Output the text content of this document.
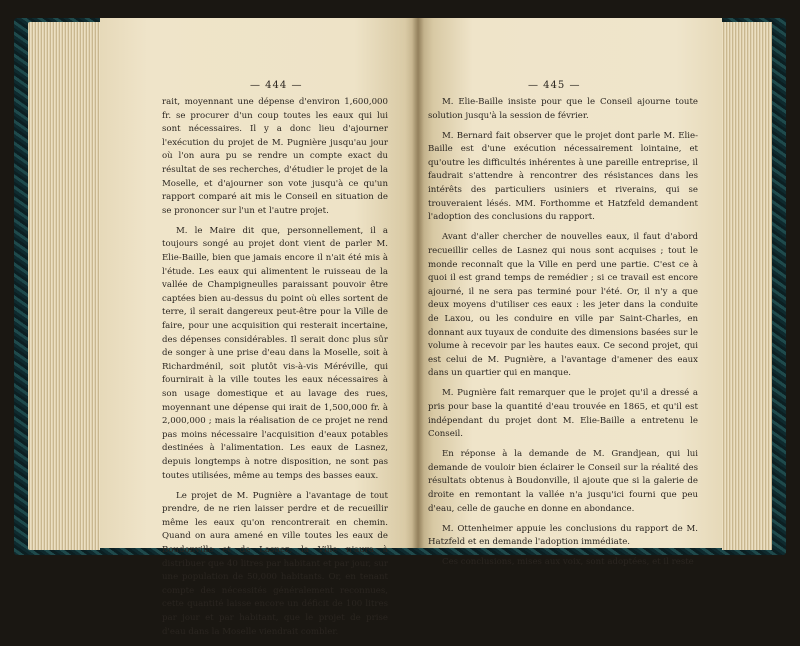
— 444 —

rait, moyennant une dépense d'environ 1,600,000 fr. se procurer d'un coup toutes les eaux qui lui sont nécessaires. Il y a donc lieu d'ajourner l'exécution du projet de M. Pugnière jusqu'au jour où l'on aura pu se rendre un compte exact du résultat de ses recherches, d'étudier le projet de la Moselle, et d'ajourner son vote jusqu'à ce qu'un rapport comparé ait mis le Conseil en situation de se prononcer sur l'un et l'autre projet.

M. le Maire dit que, personnellement, il a toujours songé au projet dont vient de parler M. Elie-Baille, bien que jamais encore il n'ait été mis à l'étude. Les eaux qui alimentent le ruisseau de la vallée de Champigneulles paraissant pouvoir être captées bien au-dessus du point où elles sortent de terre, il serait dangereux peut-être pour la Ville de faire, pour une acquisition qui resterait incertaine, des dépenses considérables. Il serait donc plus sûr de songer à une prise d'eau dans la Moselle, soit à Richardménil, soit plutôt vis-à-vis Méréville, qui fournirait à la ville toutes les eaux nécessaires à son usage domestique et au lavage des rues, moyennant une dépense qui irait de 1,500,000 fr. à 2,000,000 ; mais la réalisation de ce projet ne rend pas moins nécessaire l'acquisition d'eaux potables destinées à l'alimentation. Les eaux de Lasnez, depuis longtemps à notre disposition, ne sont pas toutes utilisées, même au temps des basses eaux.

Le projet de M. Pugnière a l'avantage de tout prendre, de ne rien laisser perdre et de recueillir même les eaux qu'on rencontrerait en chemin. Quand on aura amené en ville toutes les eaux de Boudonville et de Lasnez, la Ville n'aura à distribuer que 40 litres par habitant et par jour, sur une population de 50,000 habitants. Or, en tenant compte des nécessités généralement reconnues, cette quantité laisse encore un déficit de 100 litres par jour et par habitant, que le projet de prise d'eau dans la Moselle viendrait combler.

— 445 —

M. Elie-Baille insiste pour que le Conseil ajourne toute solution jusqu'à la session de février.

M. Bernard fait observer que le projet dont parle M. Elie-Baille est d'une exécution nécessairement lointaine, et qu'outre les difficultés inhérentes à une pareille entreprise, il faudrait s'attendre à rencontrer des résistances dans les intérêts des particuliers usiniers et riverains, qui se trouveraient lésés. MM. Forthomme et Hatzfeld demandent l'adoption des conclusions du rapport.

Avant d'aller chercher de nouvelles eaux, il faut d'abord recueillir celles de Lasnez qui nous sont acquises ; tout le monde reconnaît que la Ville en perd une partie. C'est ce à quoi il est grand temps de remédier ; si ce travail est encore ajourné, il ne sera pas terminé pour l'été. Or, il n'y a que deux moyens d'utiliser ces eaux : les jeter dans la conduite de Laxou, ou les conduire en ville par Saint-Charles, en donnant aux tuyaux de conduite des dimensions basées sur le volume à recevoir par les hautes eaux. Ce second projet, qui est celui de M. Pugnière, a l'avantage d'amener des eaux dans un quartier qui en manque.

M. Pugnière fait remarquer que le projet qu'il a dressé a pris pour base la quantité d'eau trouvée en 1865, et qu'il est indépendant du projet dont M. Elie-Baille a entretenu le Conseil.

En réponse à la demande de M. Grandjean, qui lui demande de vouloir bien éclairer le Conseil sur la réalité des résultats obtenus à Boudonville, il ajoute que si la galerie de droite en remontant la vallée n'a jusqu'ici fourni que peu d'eau, celle de gauche en donne en abondance.

M. Ottenheimer appuie les conclusions du rapport de M. Hatzfeld et en demande l'adoption immédiate.

Ces conclusions, mises aux voix, sont adoptées, et il reste
